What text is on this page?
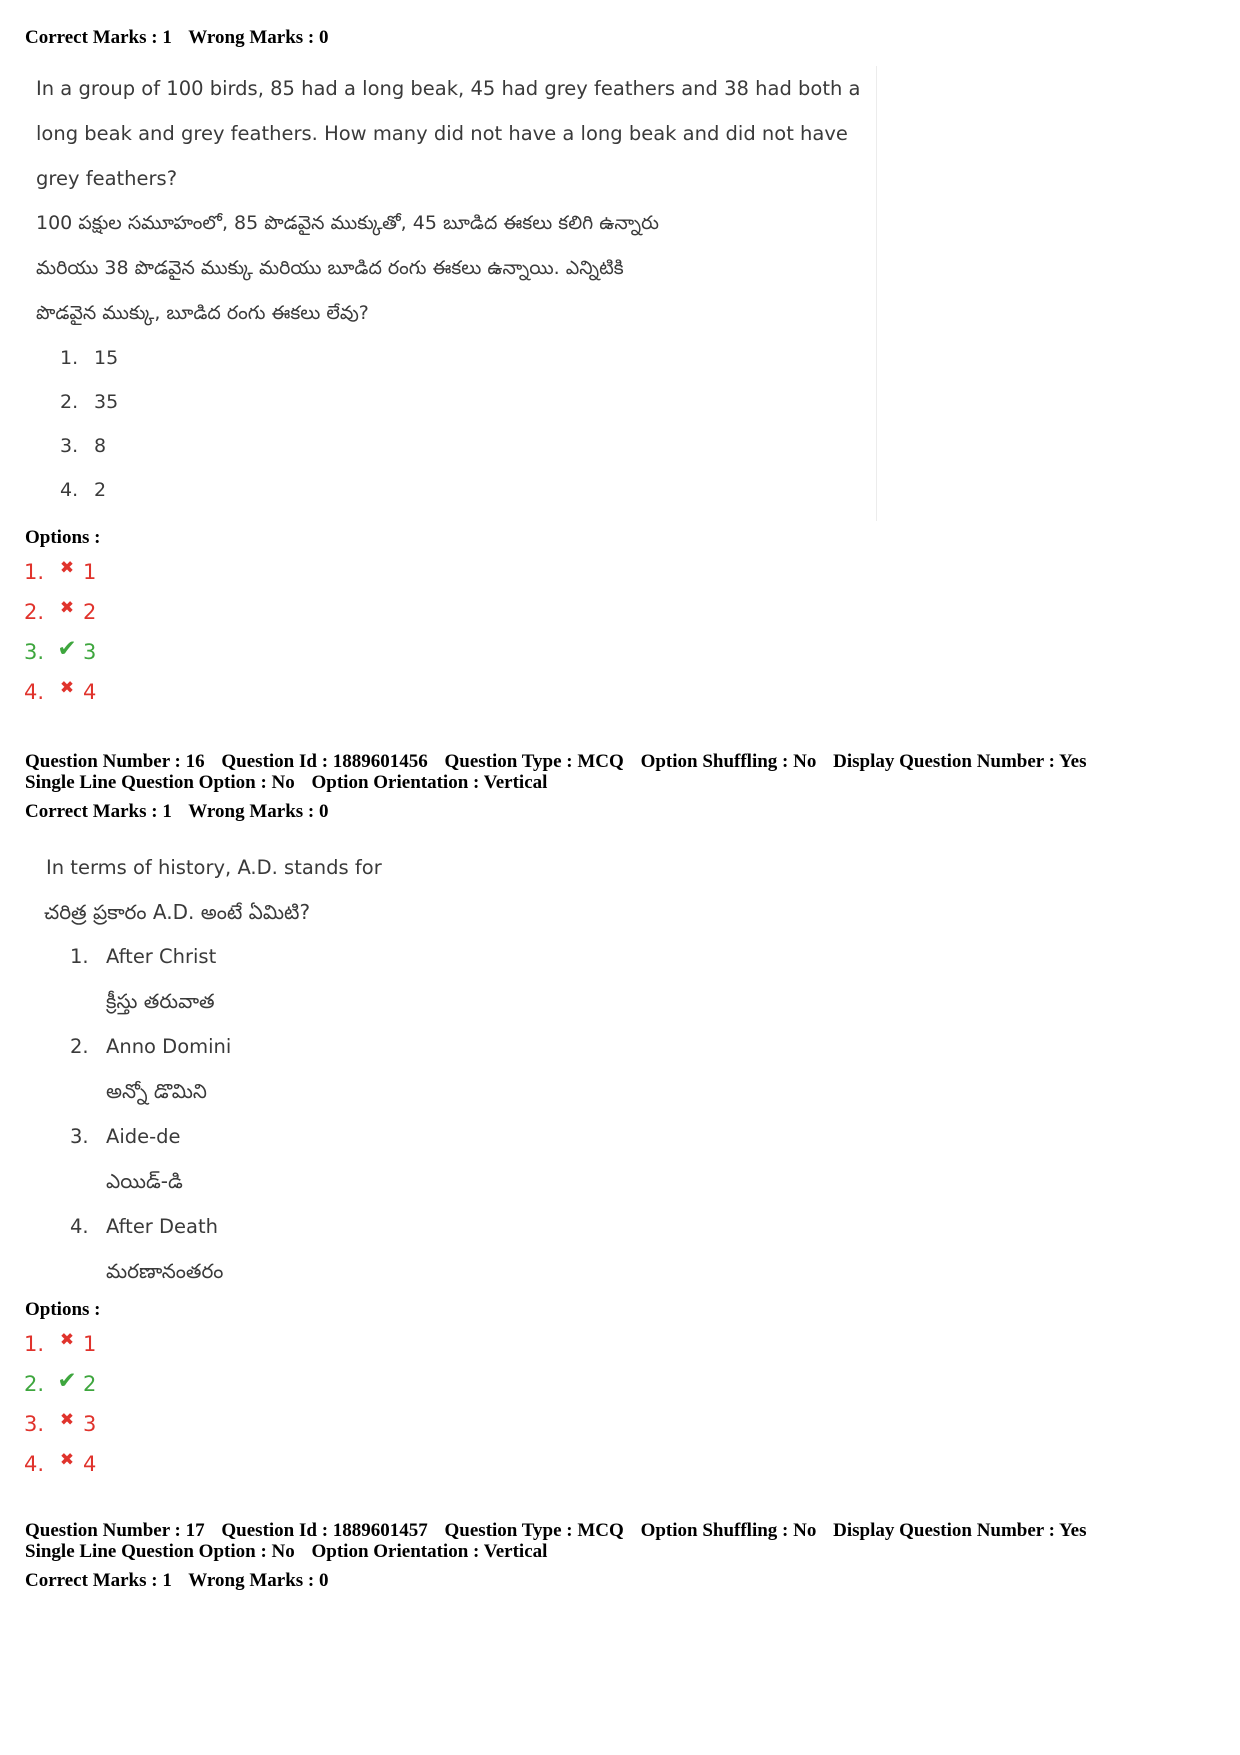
Correct Marks : 1 Wrong Marks : 0
In a group of 100 birds, 85 had a long beak, 45 had grey feathers and 38 had both a
long beak and grey feathers. How many did not have a long beak and did not have
grey feathers?
100 పక్షుల సమూహంలో, 85 పొడవైన ముక్కుతో, 45 బూడిద ఈకలు కలిగి ఉన్నారు
మరియు 38 పొడవైన ముక్కు మరియు బూడిద రంగు ఈకలు ఉన్నాయి. ఎన్నిటికి
పొడవైన ముక్కు, బూడిద రంగు ఈకలు లేవు?
1. 15
2. 35
3. 8
4. 2
Options :
1. ✖ 1
2. ✖ 2
3. ✔ 3
4. ✖ 4
Question Number : 16 Question Id : 1889601456 Question Type : MCQ Option Shuffling : No Display Question Number : Yes
Single Line Question Option : No Option Orientation : Vertical
Correct Marks : 1 Wrong Marks : 0
In terms of history, A.D. stands for
చరిత్ర ప్రకారం A.D. అంటే ఏమిటి?
1. After Christ
క్రీస్తు తరువాత
2. Anno Domini
అన్నో డొమిని
3. Aide-de
ఎయిడ్-డి
4. After Death
మరణానంతరం
Options :
1. ✖ 1
2. ✔ 2
3. ✖ 3
4. ✖ 4
Question Number : 17 Question Id : 1889601457 Question Type : MCQ Option Shuffling : No Display Question Number : Yes
Single Line Question Option : No Option Orientation : Vertical
Correct Marks : 1 Wrong Marks : 0
